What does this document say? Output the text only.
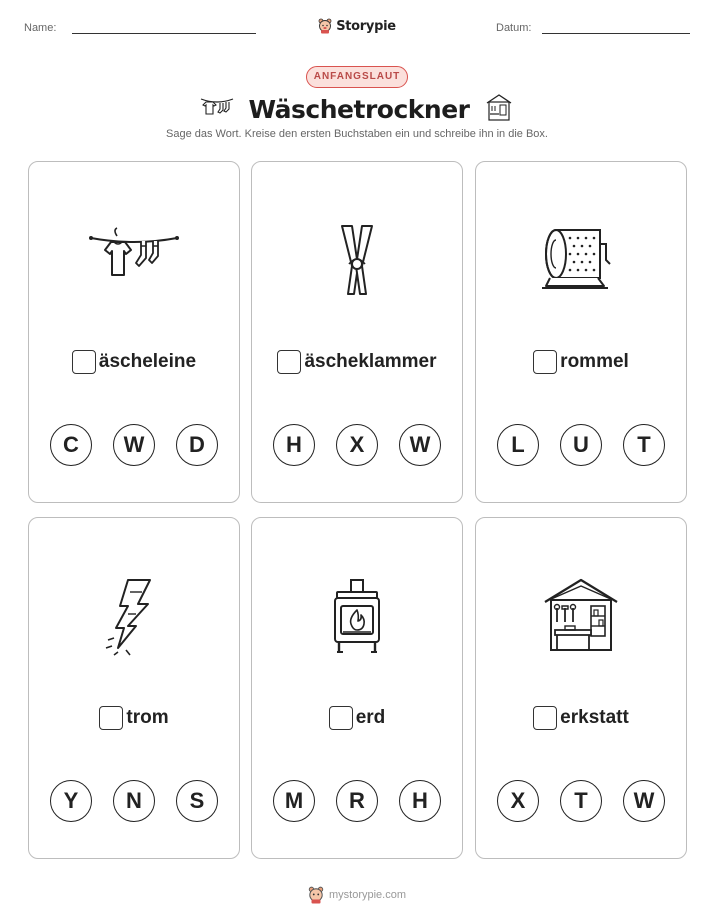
Name:	Storypie	Datum:
ANFANGSLAUT
Wäschetrockner
Sage das Wort. Kreise den ersten Buchstaben ein und schreibe ihn in die Box.
äscheleine
C	W	D
äscheklammer
H	X	W
rommel
L	U	T
trom
Y	N	S
erd
M	R	H
erkstatt
X	T	W
mystorypie.com
